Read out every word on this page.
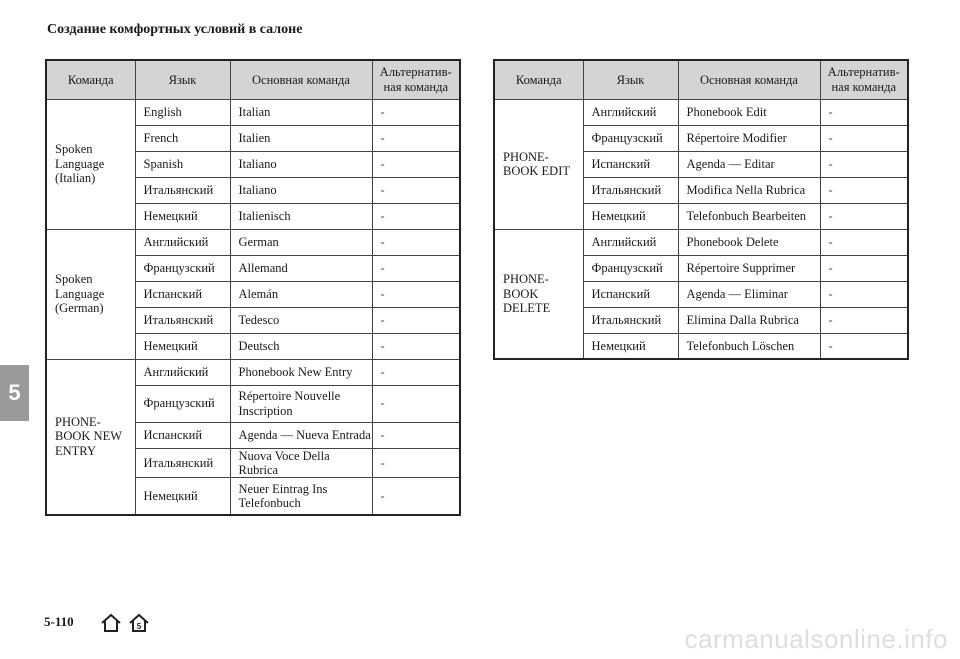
Создание комфортных условий в салоне
5
Команда	Язык	Основная команда	Альтернатив-ная команда
Spoken Language (Italian)	English	Italian	-
	French	Italien	-
	Spanish	Italiano	-
	Итальянский	Italiano	-
	Немецкий	Italienisch	-
Spoken Language (German)	Английский	German	-
	Французский	Allemand	-
	Испанский	Alemán	-
	Итальянский	Tedesco	-
	Немецкий	Deutsch	-
PHONE-BOOK NEW ENTRY	Английский	Phonebook New Entry	-
	Французский	Répertoire Nouvelle Inscription	-
	Испанский	Agenda — Nueva Entrada	-
	Итальянский	Nuova Voce Della Rubrica	-
	Немецкий	Neuer Eintrag Ins Telefonbuch	-
Команда	Язык	Основная команда	Альтернатив-ная команда
PHONE-BOOK EDIT	Английский	Phonebook Edit	-
	Французский	Répertoire Modifier	-
	Испанский	Agenda — Editar	-
	Итальянский	Modifica Nella Rubrica	-
	Немецкий	Telefonbuch Bearbeiten	-
PHONE-BOOK DELETE	Английский	Phonebook Delete	-
	Французский	Répertoire Supprimer	-
	Испанский	Agenda — Eliminar	-
	Итальянский	Elimina Dalla Rubrica	-
	Немецкий	Telefonbuch Löschen	-
5-110	5	carmanualsonline.info
